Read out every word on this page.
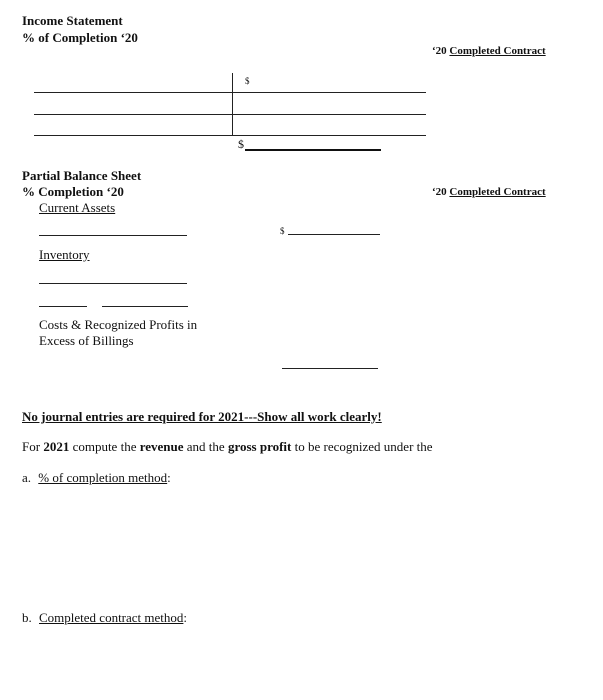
Income Statement
% of Completion ‘20
‘20 Completed Contract
$
$
Partial Balance Sheet
% Completion ‘20	‘20 Completed Contract
Current Assets
$
Inventory
Costs & Recognized Profits in
Excess of Billings
No journal entries are required for 2021---Show all work clearly!
For 2021 compute the revenue and the gross profit to be recognized under the
a. % of completion method:
b. Completed contract method:
